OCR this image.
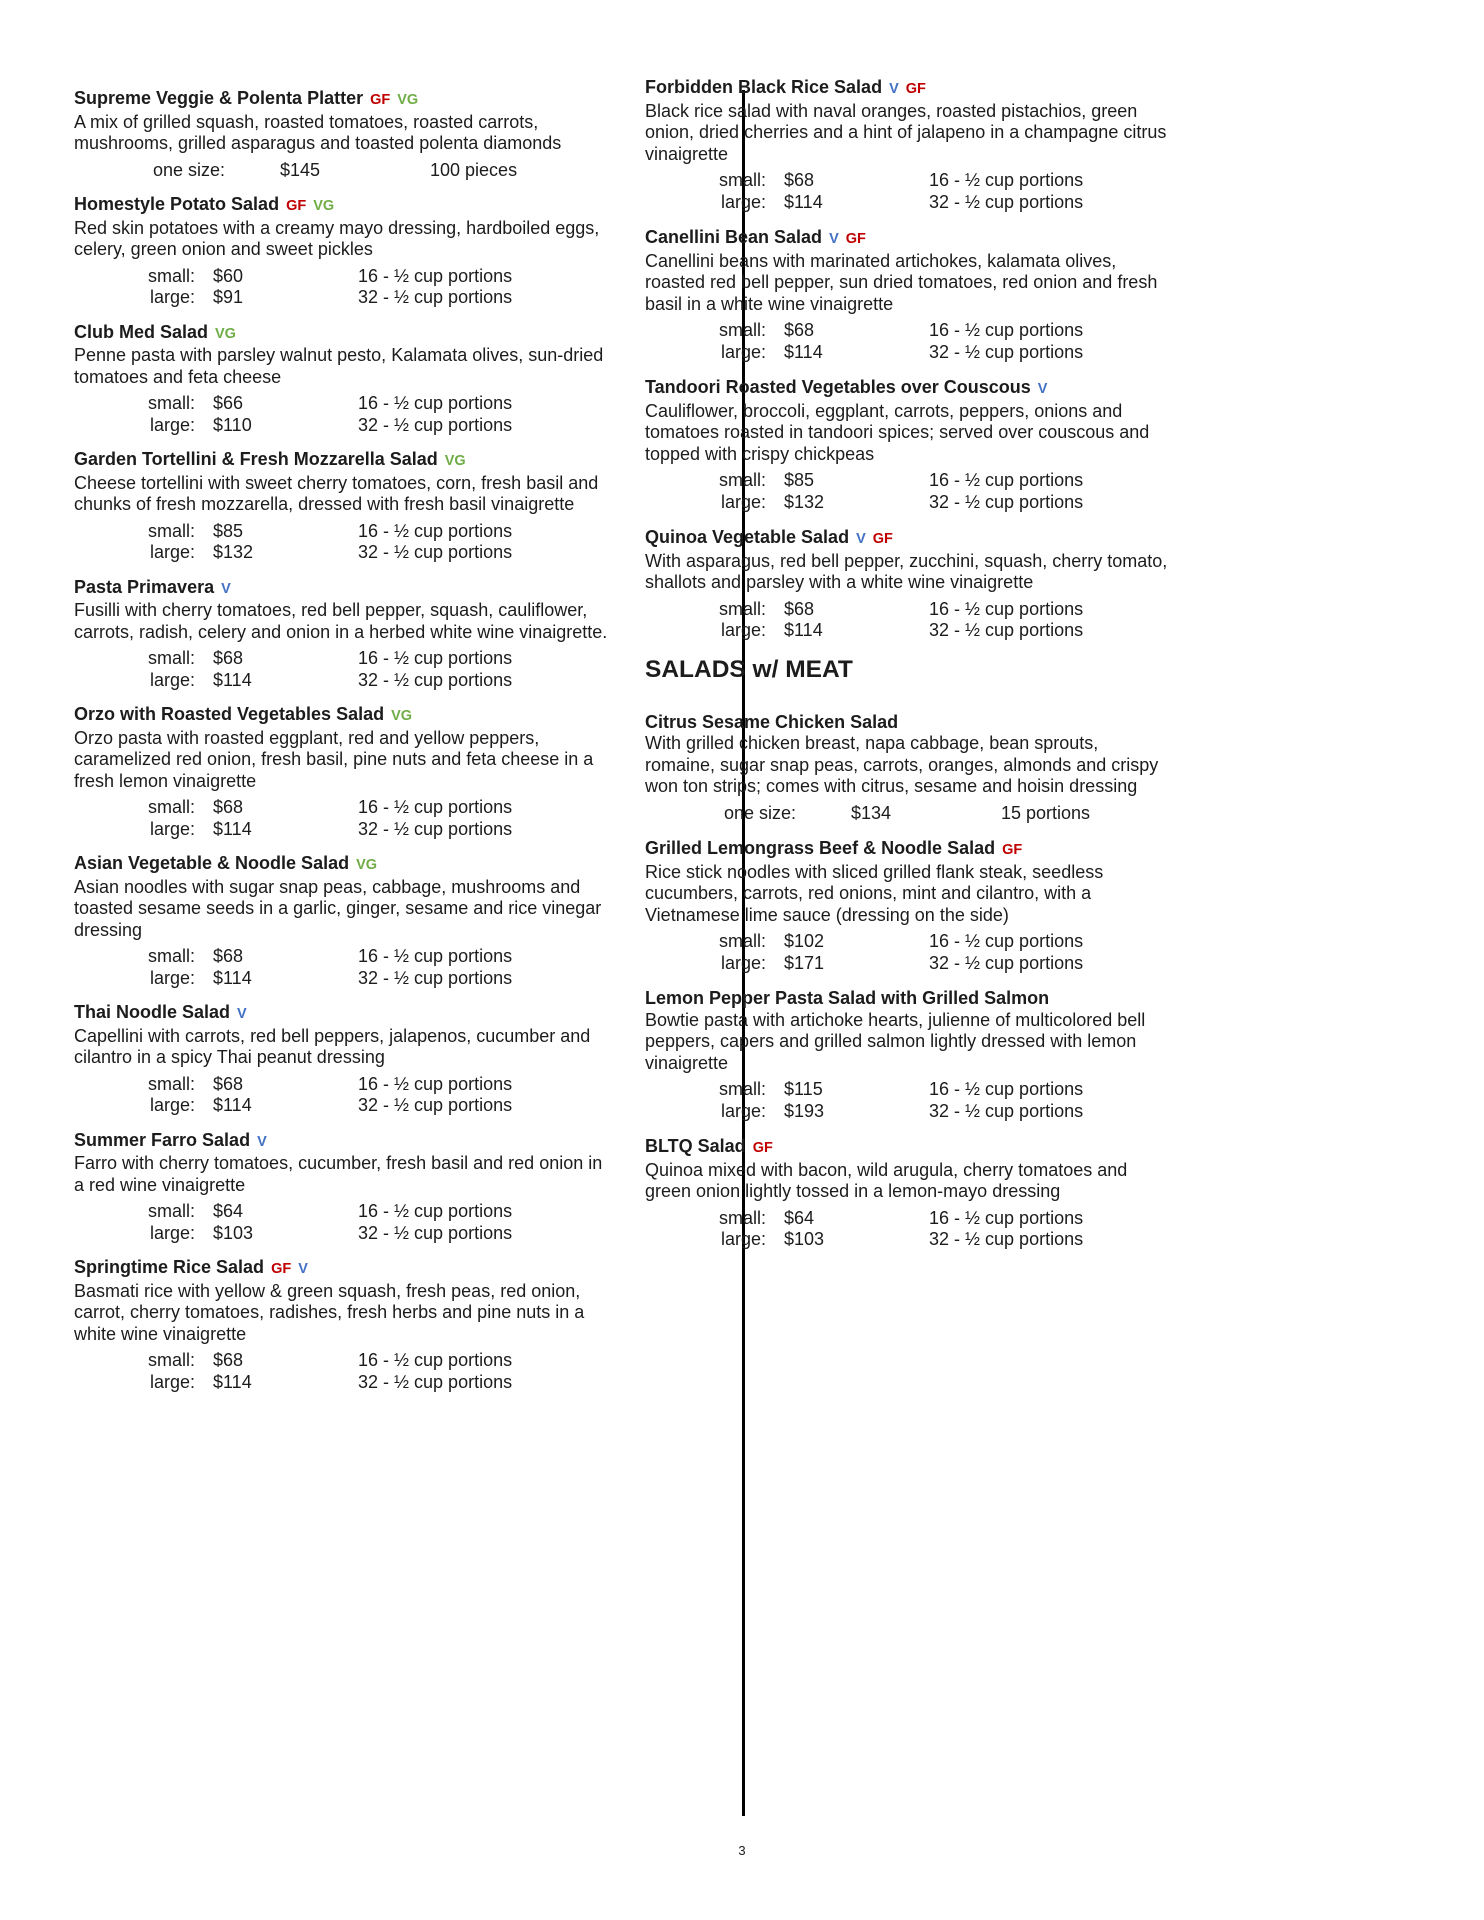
Supreme Veggie & Polenta Platter GF VG
A mix of grilled squash, roasted tomatoes, roasted carrots, mushrooms, grilled asparagus and toasted polenta diamonds
one size:	$145	100 pieces
Homestyle Potato Salad GF VG
Red skin potatoes with a creamy mayo dressing, hardboiled eggs, celery, green onion and sweet pickles
small:	$60	16 - ½ cup portions
large:	$91	32 - ½ cup portions
Club Med Salad VG
Penne pasta with parsley walnut pesto, Kalamata olives, sun-dried tomatoes and feta cheese
small:	$66	16 - ½ cup portions
large:	$110	32 - ½ cup portions
Garden Tortellini & Fresh Mozzarella Salad VG
Cheese tortellini with sweet cherry tomatoes, corn, fresh basil and chunks of fresh mozzarella, dressed with fresh basil vinaigrette
small:	$85	16 - ½ cup portions
large:	$132	32 - ½ cup portions
Pasta Primavera V
Fusilli with cherry tomatoes, red bell pepper, squash, cauliflower, carrots, radish, celery and onion in a herbed white wine vinaigrette.
small:	$68	16 - ½ cup portions
large:	$114	32 - ½ cup portions
Orzo with Roasted Vegetables Salad VG
Orzo pasta with roasted eggplant, red and yellow peppers, caramelized red onion, fresh basil, pine nuts and feta cheese in a fresh lemon vinaigrette
small:	$68	16 - ½ cup portions
large:	$114	32 - ½ cup portions
Asian Vegetable & Noodle Salad VG
Asian noodles with sugar snap peas, cabbage, mushrooms and toasted sesame seeds in a garlic, ginger, sesame and rice vinegar dressing
small:	$68	16 - ½ cup portions
large:	$114	32 - ½ cup portions
Thai Noodle Salad V
Capellini with carrots, red bell peppers, jalapenos, cucumber and cilantro in a spicy Thai peanut dressing
small:	$68	16 - ½ cup portions
large:	$114	32 - ½ cup portions
Summer Farro Salad V
Farro with cherry tomatoes, cucumber, fresh basil and red onion in a red wine vinaigrette
small:	$64	16 - ½ cup portions
large:	$103	32 - ½ cup portions
Springtime Rice Salad GF V
Basmati rice with yellow & green squash, fresh peas, red onion, carrot, cherry tomatoes, radishes, fresh herbs and pine nuts in a white wine vinaigrette
small:	$68	16 - ½ cup portions
large:	$114	32 - ½ cup portions
Forbidden Black Rice Salad V GF
Black rice salad with naval oranges, roasted pistachios, green onion, dried cherries and a hint of jalapeno in a champagne citrus vinaigrette
small:	$68	16 - ½ cup portions
large:	$114	32 - ½ cup portions
Canellini Bean Salad V GF
Canellini beans with marinated artichokes, kalamata olives, roasted red bell pepper, sun dried tomatoes, red onion and fresh basil in a white wine vinaigrette
small:	$68	16 - ½ cup portions
large:	$114	32 - ½ cup portions
Tandoori Roasted Vegetables over Couscous V
Cauliflower, broccoli, eggplant, carrots, peppers, onions and tomatoes roasted in tandoori spices; served over couscous and topped with crispy chickpeas
small:	$85	16 - ½ cup portions
large:	$132	32 - ½ cup portions
Quinoa Vegetable Salad V GF
With asparagus, red bell pepper, zucchini, squash, cherry tomato, shallots and parsley with a white wine vinaigrette
small:	$68	16 - ½ cup portions
large:	$114	32 - ½ cup portions
SALADS w/ MEAT
Citrus Sesame Chicken Salad
With grilled chicken breast, napa cabbage, bean sprouts, romaine, sugar snap peas, carrots, oranges, almonds and crispy won ton strips; comes with citrus, sesame and hoisin dressing
one size:	$134	15 portions
Grilled Lemongrass Beef & Noodle Salad GF
Rice stick noodles with sliced grilled flank steak, seedless cucumbers, carrots, red onions, mint and cilantro, with a Vietnamese lime sauce (dressing on the side)
small:	$102	16 - ½ cup portions
large:	$171	32 - ½ cup portions
Lemon Pepper Pasta Salad with Grilled Salmon
Bowtie pasta with artichoke hearts, julienne of multicolored bell peppers, capers and grilled salmon lightly dressed with lemon vinaigrette
small:	$115	16 - ½ cup portions
large:	$193	32 - ½ cup portions
BLTQ Salad GF
Quinoa mixed with bacon, wild arugula, cherry tomatoes and green onion lightly tossed in a lemon-mayo dressing
small:	$64	16 - ½ cup portions
large:	$103	32 - ½ cup portions
3
